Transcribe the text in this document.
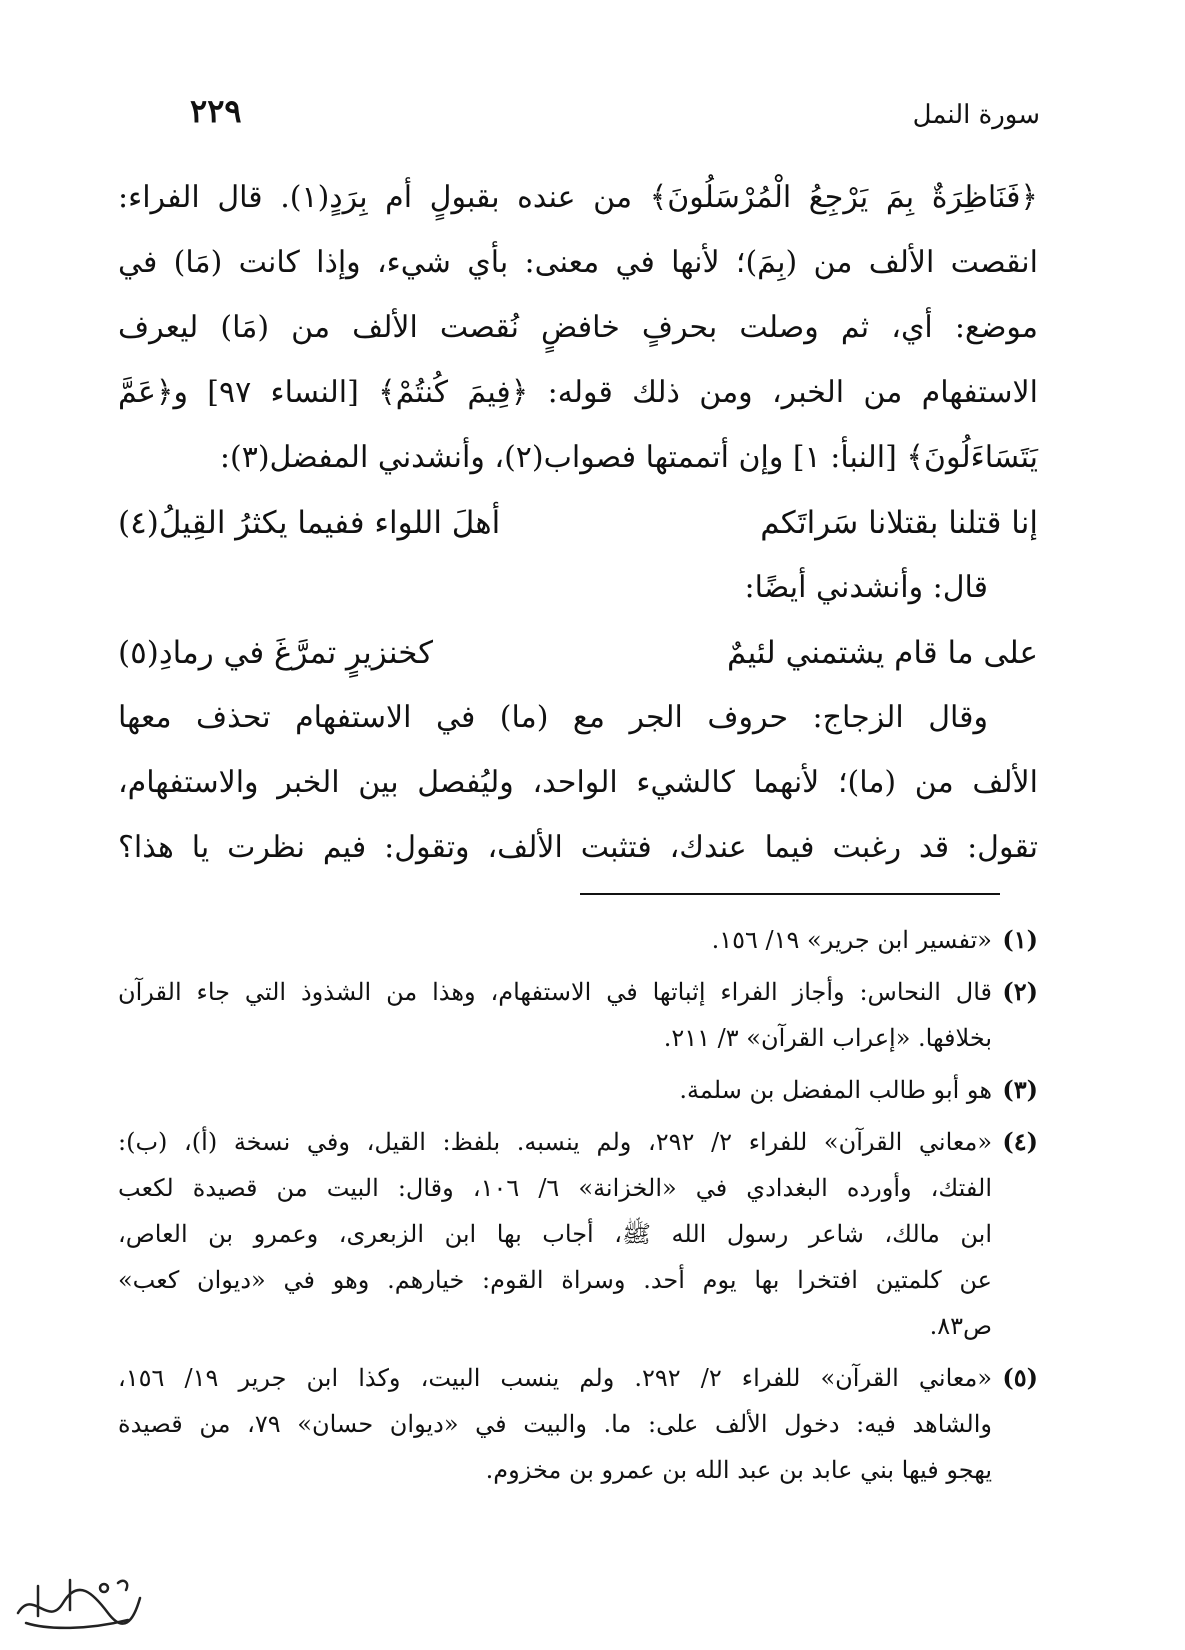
سورة النمل
٢٢٩
﴿فَنَاظِرَةٌ بِمَ يَرْجِعُ الْمُرْسَلُونَ﴾ من عنده بقبولٍ أم بِرَدٍ(١). قال الفراء:
انقصت الألف من (بِمَ)؛ لأنها في معنى: بأي شيء، وإذا كانت (مَا) في
موضع: أي، ثم وصلت بحرفٍ خافضٍ نُقصت الألف من (مَا) ليعرف
الاستفهام من الخبر، ومن ذلك قوله: ﴿فِيمَ كُنتُمْ﴾ [النساء ٩٧] و﴿عَمَّ
يَتَسَاءَلُونَ﴾ [النبأ: ١] وإن أتممتها فصواب(٢)، وأنشدني المفضل(٣):
إنا قتلنا بقتلانا سَراتَكم
أهلَ اللواء ففيما يكثرُ القِيلُ(٤)
قال: وأنشدني أيضًا:
على ما قام يشتمني لئيمٌ
كخنزيرٍ تمرَّغَ في رمادِ(٥)
وقال الزجاج: حروف الجر مع (ما) في الاستفهام تحذف معها
الألف من (ما)؛ لأنهما كالشيء الواحد، وليُفصل بين الخبر والاستفهام،
تقول: قد رغبت فيما عندك، فتثبت الألف، وتقول: فيم نظرت يا هذا؟
(١)
«تفسير ابن جرير» ١٩/ ١٥٦.
(٢)
قال النحاس: وأجاز الفراء إثباتها في الاستفهام، وهذا من الشذوذ التي جاء القرآن
بخلافها. «إعراب القرآن» ٣/ ٢١١.
(٣)
هو أبو طالب المفضل بن سلمة.
(٤)
«معاني القرآن» للفراء ٢/ ٢٩٢، ولم ينسبه. بلفظ: القيل، وفي نسخة (أ)، (ب):
الفتك، وأورده البغدادي في «الخزانة» ٦/ ١٠٦، وقال: البيت من قصيدة لكعب
ابن مالك، شاعر رسول الله ﷺ، أجاب بها ابن الزبعرى، وعمرو بن العاص،
عن كلمتين افتخرا بها يوم أحد. وسراة القوم: خيارهم. وهو في «ديوان كعب»
ص٨٣.
(٥)
«معاني القرآن» للفراء ٢/ ٢٩٢. ولم ينسب البيت، وكذا ابن جرير ١٩/ ١٥٦،
والشاهد فيه: دخول الألف على: ما. والبيت في «ديوان حسان» ٧٩، من قصيدة
يهجو فيها بني عابد بن عبد الله بن عمرو بن مخزوم.
